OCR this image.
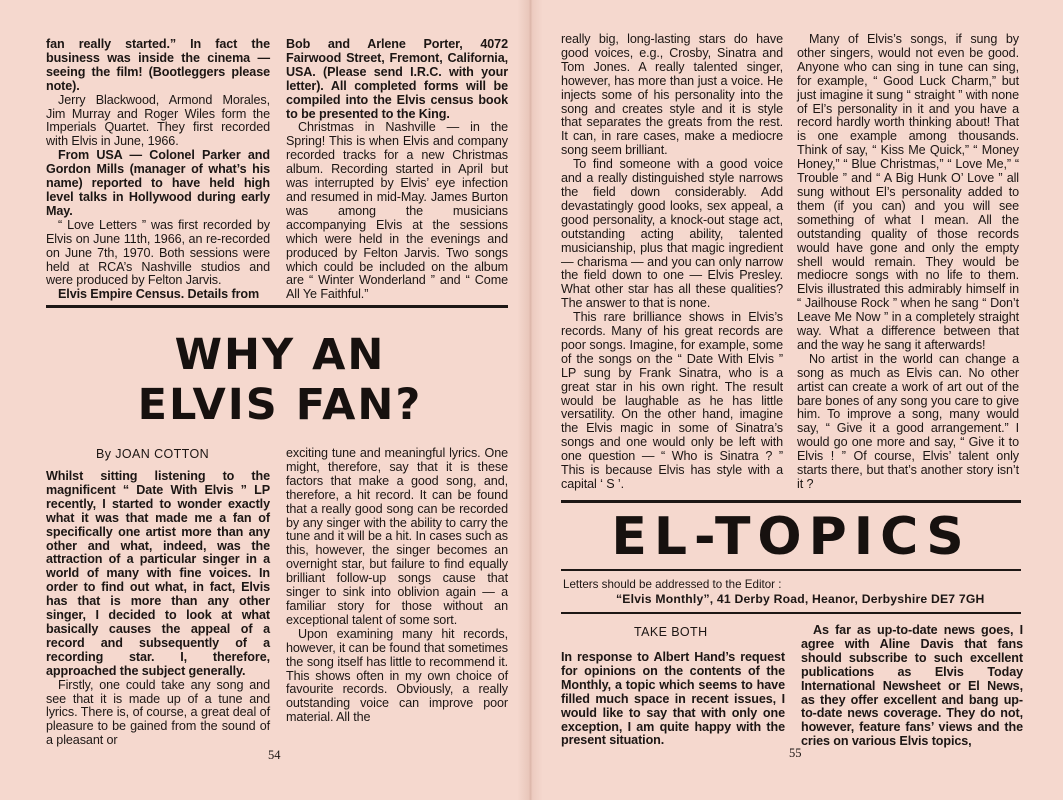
fan really started.” In fact the business was inside the cinema — seeing the film! (Bootleggers please note).

Jerry Blackwood, Armond Morales, Jim Murray and Roger Wiles form the Imperials Quartet. They first recorded with Elvis in June, 1966.

From USA — Colonel Parker and Gordon Mills (manager of what’s his name) reported to have held high level talks in Hollywood during early May.

“ Love Letters ” was first recorded by Elvis on June 11th, 1966, an re-recorded on June 7th, 1970. Both sessions were held at RCA’s Nashville studios and were produced by Felton Jarvis.

Elvis Empire Census. Details from

Bob and Arlene Porter, 4072 Fairwood Street, Fremont, California, USA. (Please send I.R.C. with your letter). All completed forms will be compiled into the Elvis census book to be presented to the King.

Christmas in Nashville — in the Spring! This is when Elvis and company recorded tracks for a new Christmas album. Recording started in April but was interrupted by Elvis’ eye infection and resumed in mid-May. James Burton was among the musicians accompanying Elvis at the sessions which were held in the evenings and produced by Felton Jarvis. Two songs which could be included on the album are “ Winter Wonderland ” and “ Come All Ye Faithful.”

WHY AN
ELVIS FAN?
By JOAN COTTON

Whilst sitting listening to the magnificent “ Date With Elvis ” LP recently, I started to wonder exactly what it was that made me a fan of specifically one artist more than any other and what, indeed, was the attraction of a particular singer in a world of many with fine voices. In order to find out what, in fact, Elvis has that is more than any other singer, I decided to look at what basically causes the appeal of a record and subsequently of a recording star. I, therefore, approached the subject generally.

Firstly, one could take any song and see that it is made up of a tune and lyrics. There is, of course, a great deal of pleasure to be gained from the sound of a pleasant or

exciting tune and meaningful lyrics. One might, therefore, say that it is these factors that make a good song, and, therefore, a hit record. It can be found that a really good song can be recorded by any singer with the ability to carry the tune and it will be a hit. In cases such as this, however, the singer becomes an overnight star, but failure to find equally brilliant follow-up songs cause that singer to sink into oblivion again — a familiar story for those without an exceptional talent of some sort.

Upon examining many hit records, however, it can be found that sometimes the song itself has little to recommend it. This shows often in my own choice of favourite records. Obviously, a really outstanding voice can improve poor material. All the

54

really big, long-lasting stars do have good voices, e.g., Crosby, Sinatra and Tom Jones. A really talented singer, however, has more than just a voice. He injects some of his personality into the song and creates style and it is style that separates the greats from the rest. It can, in rare cases, make a mediocre song seem brilliant.

To find someone with a good voice and a really distinguished style narrows the field down considerably. Add devastatingly good looks, sex appeal, a good personality, a knock-out stage act, outstanding acting ability, talented musicianship, plus that magic ingredient — charisma — and you can only narrow the field down to one — Elvis Presley. What other star has all these qualities? The answer to that is none.

This rare brilliance shows in Elvis’s records. Many of his great records are poor songs. Imagine, for example, some of the songs on the “ Date With Elvis ” LP sung by Frank Sinatra, who is a great star in his own right. The result would be laughable as he has little versatility. On the other hand, imagine the Elvis magic in some of Sinatra’s songs and one would only be left with one question — “ Who is Sinatra ? ” This is because Elvis has style with a capital ‘ S ’.

Many of Elvis’s songs, if sung by other singers, would not even be good. Anyone who can sing in tune can sing, for example, “ Good Luck Charm,” but just imagine it sung “ straight ” with none of El’s personality in it and you have a record hardly worth thinking about! That is one example among thousands. Think of say, “ Kiss Me Quick,” “ Money Honey,” “ Blue Christmas,” “ Love Me,” “ Trouble ” and “ A Big Hunk O’ Love ” all sung without El’s personality added to them (if you can) and you will see something of what I mean. All the outstanding quality of those records would have gone and only the empty shell would remain. They would be mediocre songs with no life to them. Elvis illustrated this admirably himself in “ Jailhouse Rock ” when he sang “ Don’t Leave Me Now ” in a completely straight way. What a difference between that and the way he sang it afterwards!

No artist in the world can change a song as much as Elvis can. No other artist can create a work of art out of the bare bones of any song you care to give him. To improve a song, many would say, “ Give it a good arrangement.” I would go one more and say, “ Give it to Elvis ! ” Of course, Elvis’ talent only starts there, but that’s another story isn’t it ?

EL-TOPICS
Letters should be addressed to the Editor :
“Elvis Monthly”, 41 Derby Road, Heanor, Derbyshire DE7 7GH
TAKE BOTH

In response to Albert Hand’s request for opinions on the contents of the Monthly, a topic which seems to have filled much space in recent issues, I would like to say that with only one exception, I am quite happy with the present situation.

As far as up-to-date news goes, I agree with Aline Davis that fans should subscribe to such excellent publications as Elvis Today International Newsheet or El News, as they offer excellent and bang up-to-date news coverage. They do not, however, feature fans’ views and the cries on various Elvis topics,

55
